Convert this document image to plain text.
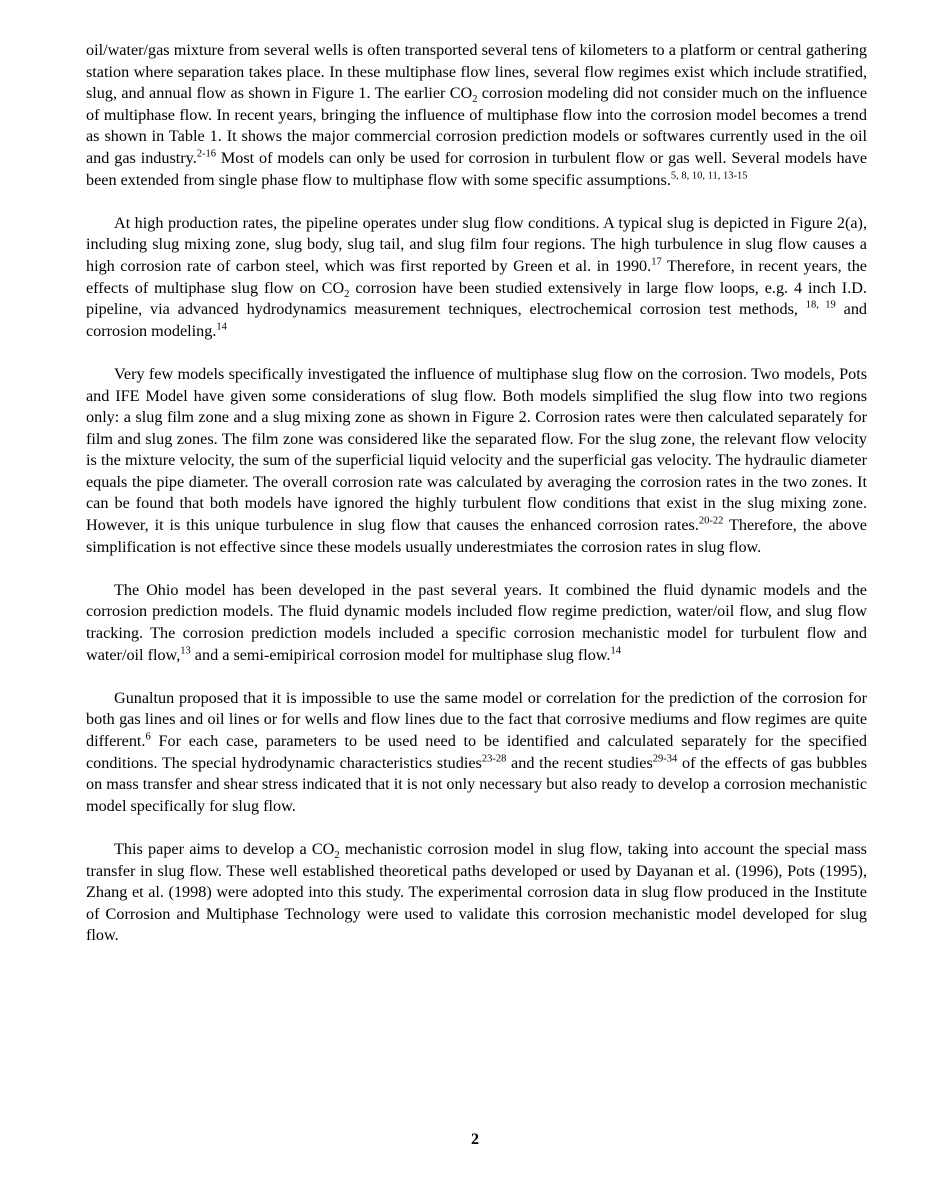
oil/water/gas mixture from several wells is often transported several tens of kilometers to a platform or central gathering station where separation takes place. In these multiphase flow lines, several flow regimes exist which include stratified, slug, and annual flow as shown in Figure 1. The earlier $CO_2$ corrosion modeling did not consider much on the influence of multiphase flow. In recent years, bringing the influence of multiphase flow into the corrosion model becomes a trend as shown in Table 1. It shows the major commercial corrosion prediction models or softwares currently used in the oil and gas industry.$^{2-16}$ Most of models can only be used for corrosion in turbulent flow or gas well. Several models have been extended from single phase flow to multiphase flow with some specific assumptions.$^{5, 8, 10, 11, 13-15}$

At high production rates, the pipeline operates under slug flow conditions. A typical slug is depicted in Figure 2(a), including slug mixing zone, slug body, slug tail, and slug film four regions. The high turbulence in slug flow causes a high corrosion rate of carbon steel, which was first reported by Green et al. in 1990.17 Therefore, in recent years, the effects of multiphase slug flow on $CO_2$ corrosion have been studied extensively in large flow loops, e.g. 4 inch I.D. pipeline, via advanced hydrodynamics measurement techniques, electrochemical corrosion test methods, $^{18, 19}$ and corrosion modeling.$^{14}$

Very few models specifically investigated the influence of multiphase slug flow on the corrosion. Two models, Pots and IFE Model have given some considerations of slug flow. Both models simplified the slug flow into two regions only: a slug film zone and a slug mixing zone as shown in Figure 2. Corrosion rates were then calculated separately for film and slug zones. The film zone was considered like the separated flow. For the slug zone, the relevant flow velocity is the mixture velocity, the sum of the superficial liquid velocity and the superficial gas velocity. The hydraulic diameter equals the pipe diameter. The overall corrosion rate was calculated by averaging the corrosion rates in the two zones. It can be found that both models have ignored the highly turbulent flow conditions that exist in the slug mixing zone. However, it is this unique turbulence in slug flow that causes the enhanced corrosion rates.$^{20-22}$ Therefore, the above simplification is not effective since these models usually underestmiates the corrosion rates in slug flow.

The Ohio model has been developed in the past several years. It combined the fluid dynamic models and the corrosion prediction models. The fluid dynamic models included flow regime prediction, water/oil flow, and slug flow tracking. The corrosion prediction models included a specific corrosion mechanistic model for turbulent flow and water/oil flow,$^{13}$ and a semi-emipirical corrosion model for multiphase slug flow.$^{14}$

Gunaltun proposed that it is impossible to use the same model or correlation for the prediction of the corrosion for both gas lines and oil lines or for wells and flow lines due to the fact that corrosive mediums and flow regimes are quite different.$^6$ For each case, parameters to be used need to be identified and calculated separately for the specified conditions. The special hydrodynamic characteristics studies$^{23-28}$ and the recent studies$^{29-34}$ of the effects of gas bubbles on mass transfer and shear stress indicated that it is not only necessary but also ready to develop a corrosion mechanistic model specifically for slug flow.

This paper aims to develop a $CO_2$ mechanistic corrosion model in slug flow, taking into account the special mass transfer in slug flow. These well established theoretical paths developed or used by Dayanan et al. (1996), Pots (1995), Zhang et al. (1998) were adopted into this study. The experimental corrosion data in slug flow produced in the Institute of Corrosion and Multiphase Technology were used to validate this corrosion mechanistic model developed for slug flow.

2
